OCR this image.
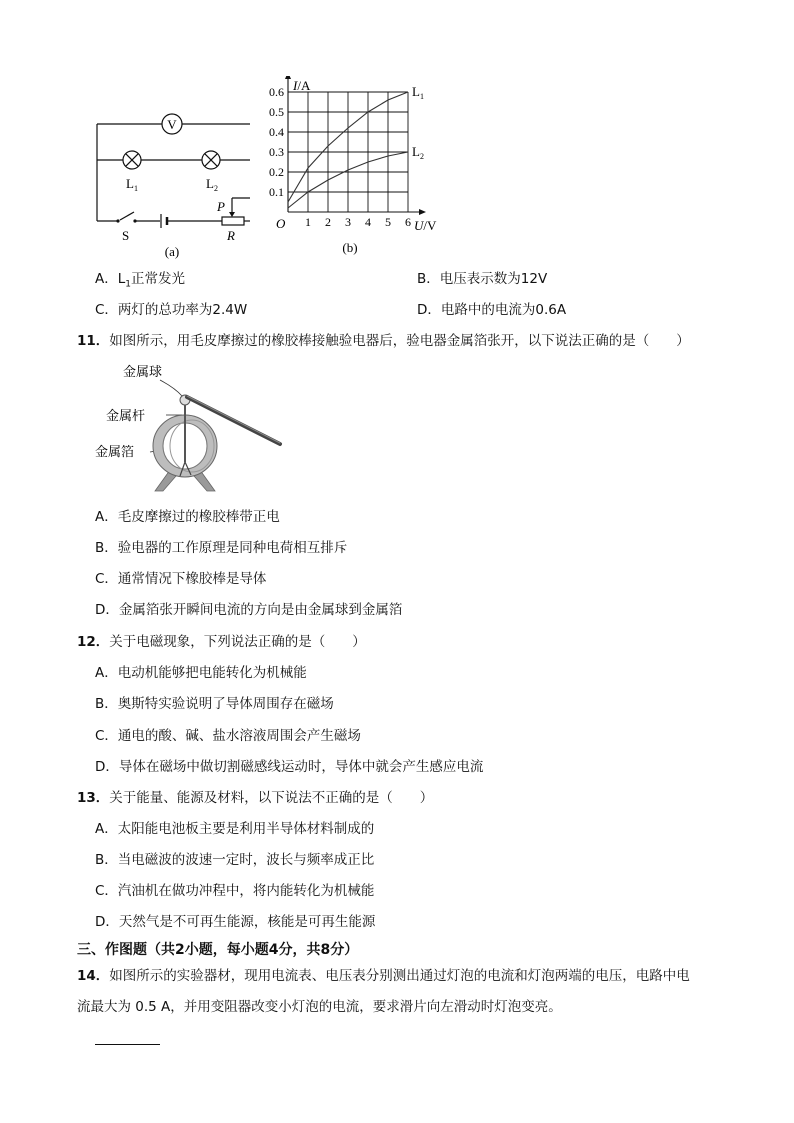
V
$L_1$	$L_2$
S
P
R
(a)
1 2 3 4 5 6
0.1
0.2
0.3
0.4
0.5
0.6
O
I/A
U/V
$L_1$
$L_2$
(b)
A．$L_1$正常发光	B．电压表示数为12V
C．两灯的总功率为2.4W	D．电路中的电流为0.6A
11．如图所示，用毛皮摩擦过的橡胶棒接触验电器后，验电器金属箔张开，以下说法正确的是（　　）
金属球
金属杆
金属箔
A．毛皮摩擦过的橡胶棒带正电
B．验电器的工作原理是同种电荷相互排斥
C．通常情况下橡胶棒是导体
D．金属箔张开瞬间电流的方向是由金属球到金属箔
12．关于电磁现象，下列说法正确的是（　　）
A．电动机能够把电能转化为机械能
B．奥斯特实验说明了导体周围存在磁场
C．通电的酸、碱、盐水溶液周围会产生磁场
D．导体在磁场中做切割磁感线运动时，导体中就会产生感应电流
13．关于能量、能源及材料，以下说法不正确的是（　　）
A．太阳能电池板主要是利用半导体材料制成的
B．当电磁波的波速一定时，波长与频率成正比
C．汽油机在做功冲程中，将内能转化为机械能
D．天然气是不可再生能源，核能是可再生能源
三、作图题（共2小题，每小题4分，共8分）
14．如图所示的实验器材，现用电流表、电压表分别测出通过灯泡的电流和灯泡两端的电压，电路中电
流最大为 0.5 A，并用变阻器改变小灯泡的电流，要求滑片向左滑动时灯泡变亮。
